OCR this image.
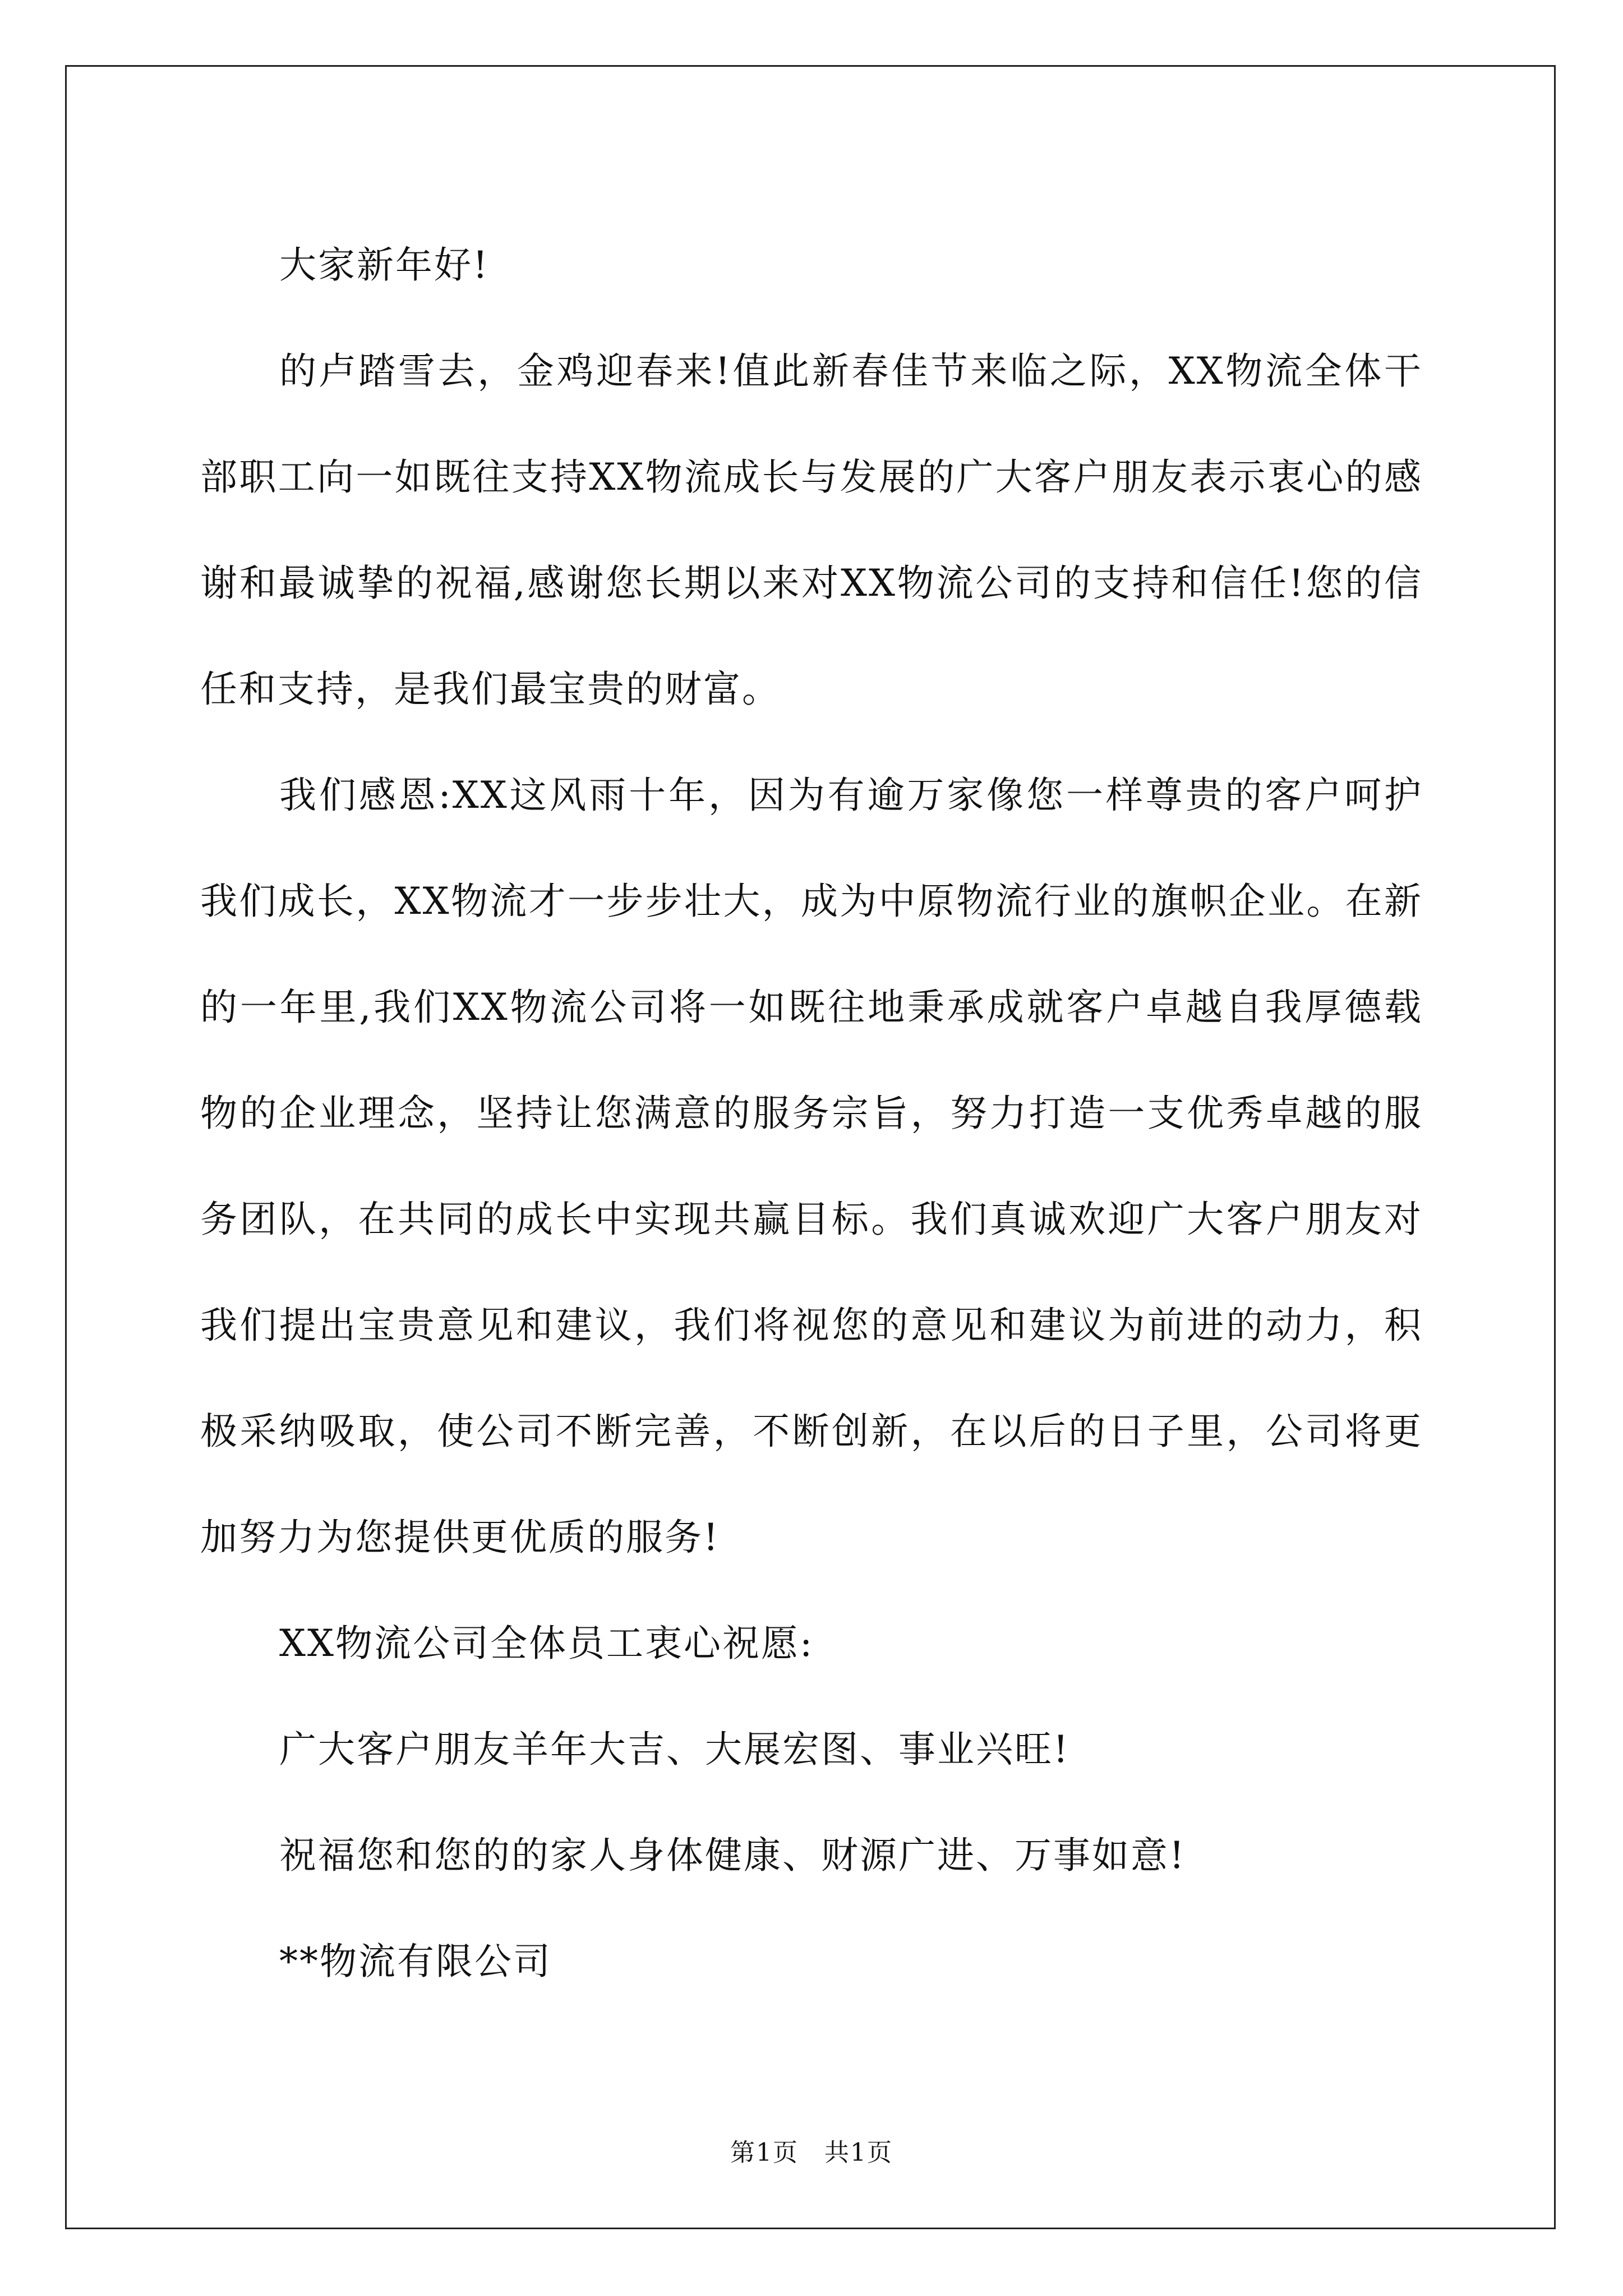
大家新年好!

的卢踏雪去，金鸡迎春来!值此新春佳节来临之际，XX物流全体干部职工向一如既往支持XX物流成长与发展的广大客户朋友表示衷心的感谢和最诚挚的祝福,感谢您长期以来对XX物流公司的支持和信任!您的信任和支持，是我们最宝贵的财富。

我们感恩:XX这风雨十年，因为有逾万家像您一样尊贵的客户呵护我们成长，XX物流才一步步壮大，成为中原物流行业的旗帜企业。在新的一年里,我们XX物流公司将一如既往地秉承成就客户卓越自我厚德载物的企业理念，坚持让您满意的服务宗旨，努力打造一支优秀卓越的服务团队，在共同的成长中实现共赢目标。我们真诚欢迎广大客户朋友对我们提出宝贵意见和建议，我们将视您的意见和建议为前进的动力，积极采纳吸取，使公司不断完善，不断创新，在以后的日子里，公司将更加努力为您提供更优质的服务!

XX物流公司全体员工衷心祝愿:

广大客户朋友羊年大吉、大展宏图、事业兴旺!

祝福您和您的的家人身体健康、财源广进、万事如意!

**物流有限公司

第1页　共1页
